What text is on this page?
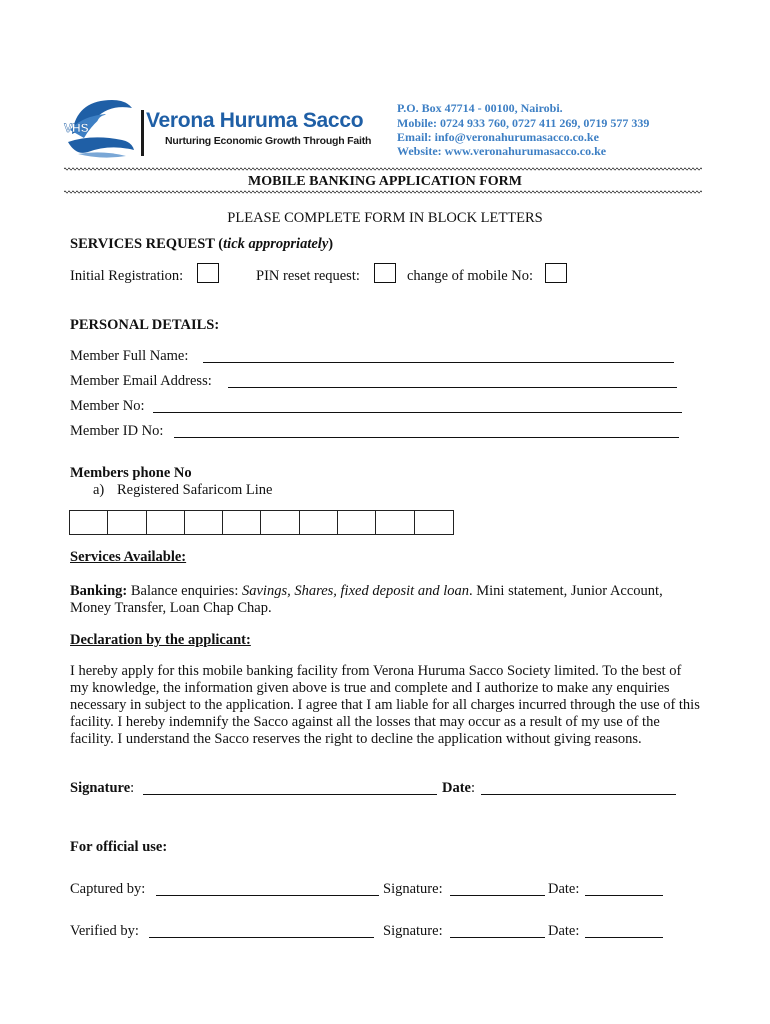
VHS	Verona Huruma Sacco
Nurturing Economic Growth Through Faith
P.O. Box 47714 - 00100, Nairobi.
Mobile: 0724 933 760, 0727 411 269, 0719 577 339
Email: info@veronahurumasacco.co.ke
Website: www.veronahurumasacco.co.ke
MOBILE BANKING APPLICATION FORM
PLEASE COMPLETE FORM IN BLOCK LETTERS
SERVICES REQUEST (tick appropriately)
Initial Registration:	PIN reset request:	change of mobile No:
PERSONAL DETAILS:
Member Full Name:
Member Email Address:
Member No:
Member ID No:
Members phone No
a) Registered Safaricom Line
Services Available:
Banking: Balance enquiries: Savings, Shares, fixed deposit and loan. Mini statement, Junior Account, Money Transfer, Loan Chap Chap.
Declaration by the applicant:
I hereby apply for this mobile banking facility from Verona Huruma Sacco Society limited. To the best of my knowledge, the information given above is true and complete and I authorize to make any enquiries necessary in subject to the application. I agree that I am liable for all charges incurred through the use of this facility. I hereby indemnify the Sacco against all the losses that may occur as a result of my use of the facility. I understand the Sacco reserves the right to decline the application without giving reasons.
Signature:	Date:
For official use:
Captured by:	Signature:	Date:
Verified by:	Signature:	Date:
